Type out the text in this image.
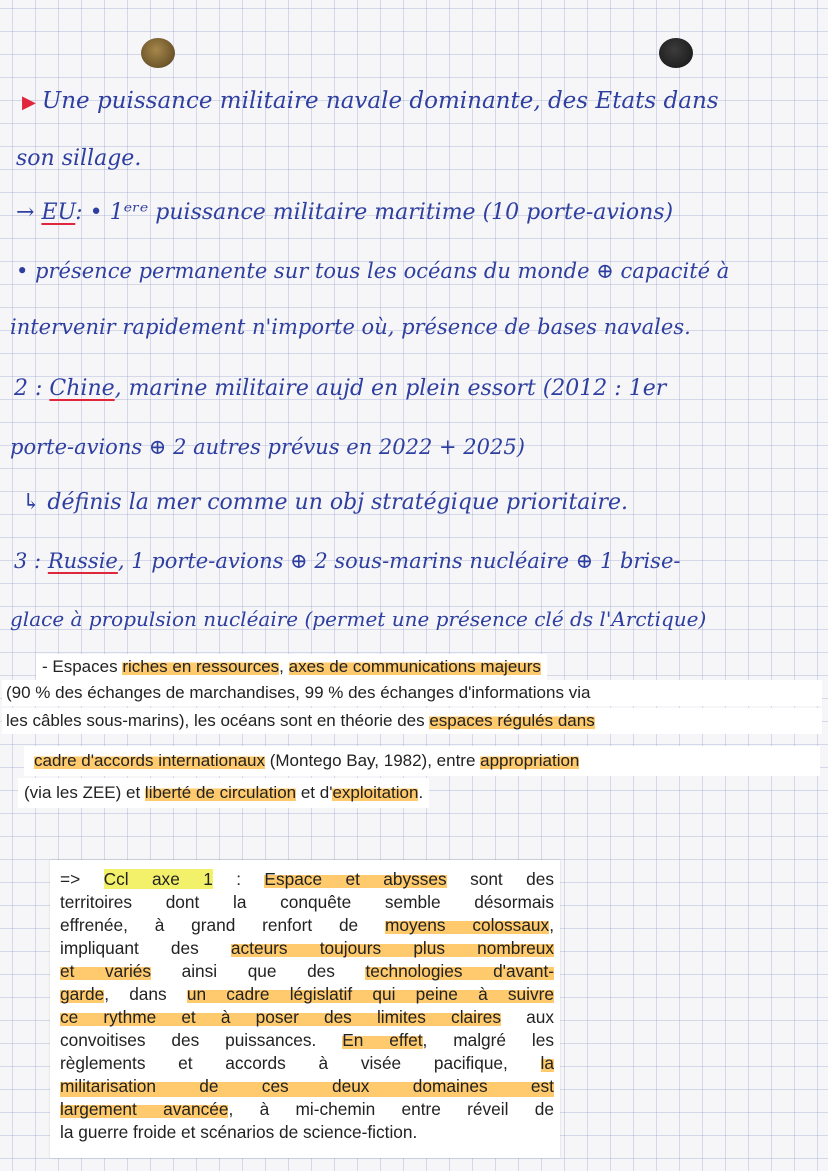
▶ Une puissance militaire navale dominante, des Etats dans

son sillage.

→ EU: • 1ᵉʳᵉ puissance militaire maritime (10 porte-avions)

• présence permanente sur tous les océans du monde ⊕ capacité à

intervenir rapidement n'importe où, présence de bases navales.

2 : Chine, marine militaire aujd en plein essort (2012 : 1er

porte-avions ⊕ 2 autres prévus en 2022 + 2025)

↳ définis la mer comme un obj stratégique prioritaire.

3 : Russie, 1 porte-avions ⊕ 2 sous-marins nucléaire ⊕ 1 brise-

glace à propulsion nucléaire (permet une présence clé ds l'Arctique)

- Espaces riches en ressources, axes de communications majeurs

(90 % des échanges de marchandises, 99 % des échanges d'informations via

les câbles sous-marins), les océans sont en théorie des espaces régulés dans

cadre d'accords internationaux (Montego Bay, 1982), entre appropriation

(via les ZEE) et liberté de circulation et d'exploitation.

=> Ccl axe 1 : Espace et abysses sont des

territoires dont la conquête semble désormais

effrenée, à grand renfort de moyens colossaux,

impliquant des acteurs toujours plus nombreux

et variés ainsi que des technologies d'avant-

garde, dans un cadre législatif qui peine à suivre

ce rythme et à poser des limites claires aux

convoitises des puissances. En effet, malgré les

règlements et accords à visée pacifique, la

militarisation de ces deux domaines est

largement avancée, à mi-chemin entre réveil de

la guerre froide et scénarios de science-fiction.
